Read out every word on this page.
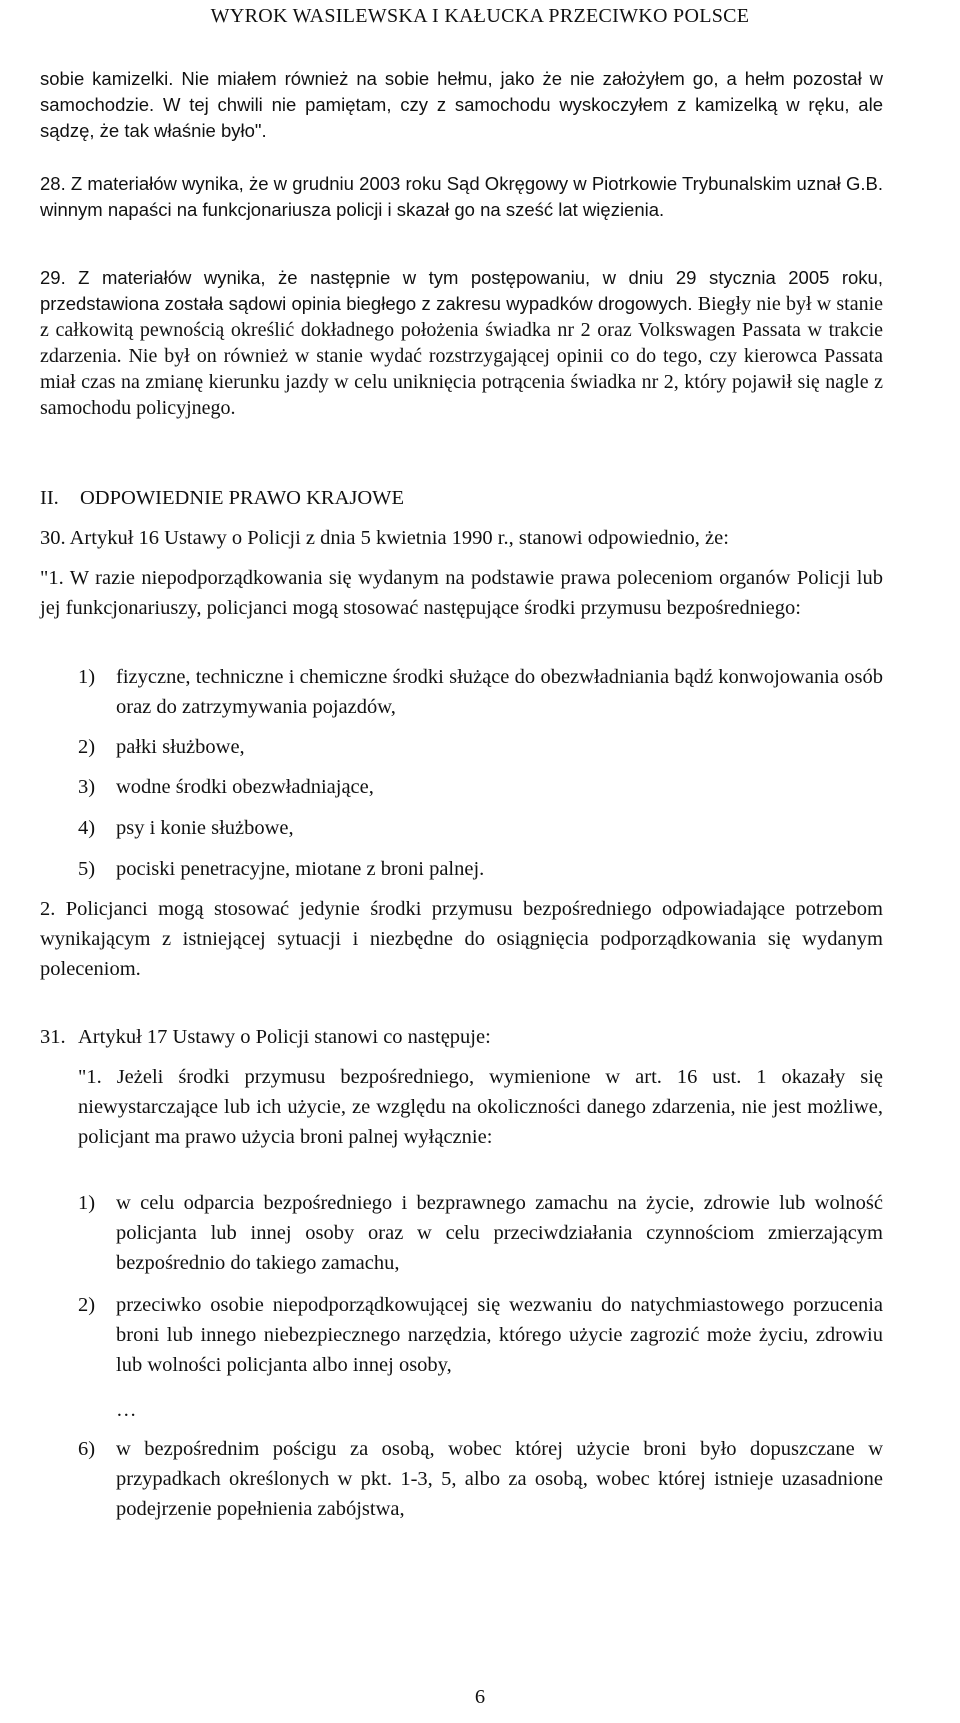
WYROK WASILEWSKA I KAŁUCKA PRZECIWKO POLSCE
sobie kamizelki. Nie miałem również na sobie hełmu, jako że nie założyłem go, a hełm pozostał w samochodzie. W tej chwili nie pamiętam, czy z samochodu wyskoczyłem z kamizelką w ręku, ale sądzę, że tak właśnie było".
28. Z materiałów wynika, że w grudniu 2003 roku Sąd Okręgowy w Piotrkowie Trybunalskim uznał G.B. winnym napaści na funkcjonariusza policji i skazał go na sześć lat więzienia.
29. Z materiałów wynika, że następnie w tym postępowaniu, w dniu 29 stycznia 2005 roku, przedstawiona została sądowi opinia biegłego z zakresu wypadków drogowych. Biegły nie był w stanie z całkowitą pewnością określić dokładnego położenia świadka nr 2 oraz Volkswagen Passata w trakcie zdarzenia. Nie był on również w stanie wydać rozstrzygającej opinii co do tego, czy kierowca Passata miał czas na zmianę kierunku jazdy w celu uniknięcia potrącenia świadka nr 2, który pojawił się nagle z samochodu policyjnego.
II. ODPOWIEDNIE PRAWO KRAJOWE
30. Artykuł 16 Ustawy o Policji z dnia 5 kwietnia 1990 r., stanowi odpowiednio, że:
"1. W razie niepodporządkowania się wydanym na podstawie prawa poleceniom organów Policji lub jej funkcjonariuszy, policjanci mogą stosować następujące środki przymusu bezpośredniego:
1)	fizyczne, techniczne i chemiczne środki służące do obezwładniania bądź konwojowania osób oraz do zatrzymywania pojazdów,
2)	pałki służbowe,
3)	wodne środki obezwładniające,
4)	psy i konie służbowe,
5)	pociski penetracyjne, miotane z broni palnej.
2. Policjanci mogą stosować jedynie środki przymusu bezpośredniego odpowiadające potrzebom wynikającym z istniejącej sytuacji i niezbędne do osiągnięcia podporządkowania się wydanym poleceniom.
31. Artykuł 17 Ustawy o Policji stanowi co następuje:
"1. Jeżeli środki przymusu bezpośredniego, wymienione w art. 16 ust. 1 okazały się niewystarczające lub ich użycie, ze względu na okoliczności danego zdarzenia, nie jest możliwe, policjant ma prawo użycia broni palnej wyłącznie:
1)	w celu odparcia bezpośredniego i bezprawnego zamachu na życie, zdrowie lub wolność policjanta lub innej osoby oraz w celu przeciwdziałania czynnościom zmierzającym bezpośrednio do takiego zamachu,
2)	przeciwko osobie niepodporządkowującej się wezwaniu do natychmiastowego porzucenia broni lub innego niebezpiecznego narzędzia, którego użycie zagrozić może życiu, zdrowiu lub wolności policjanta albo innej osoby,
…
6)	w bezpośrednim pościgu za osobą, wobec której użycie broni było dopuszczane w przypadkach określonych w pkt. 1-3, 5, albo za osobą, wobec której istnieje uzasadnione podejrzenie popełnienia zabójstwa,
6
